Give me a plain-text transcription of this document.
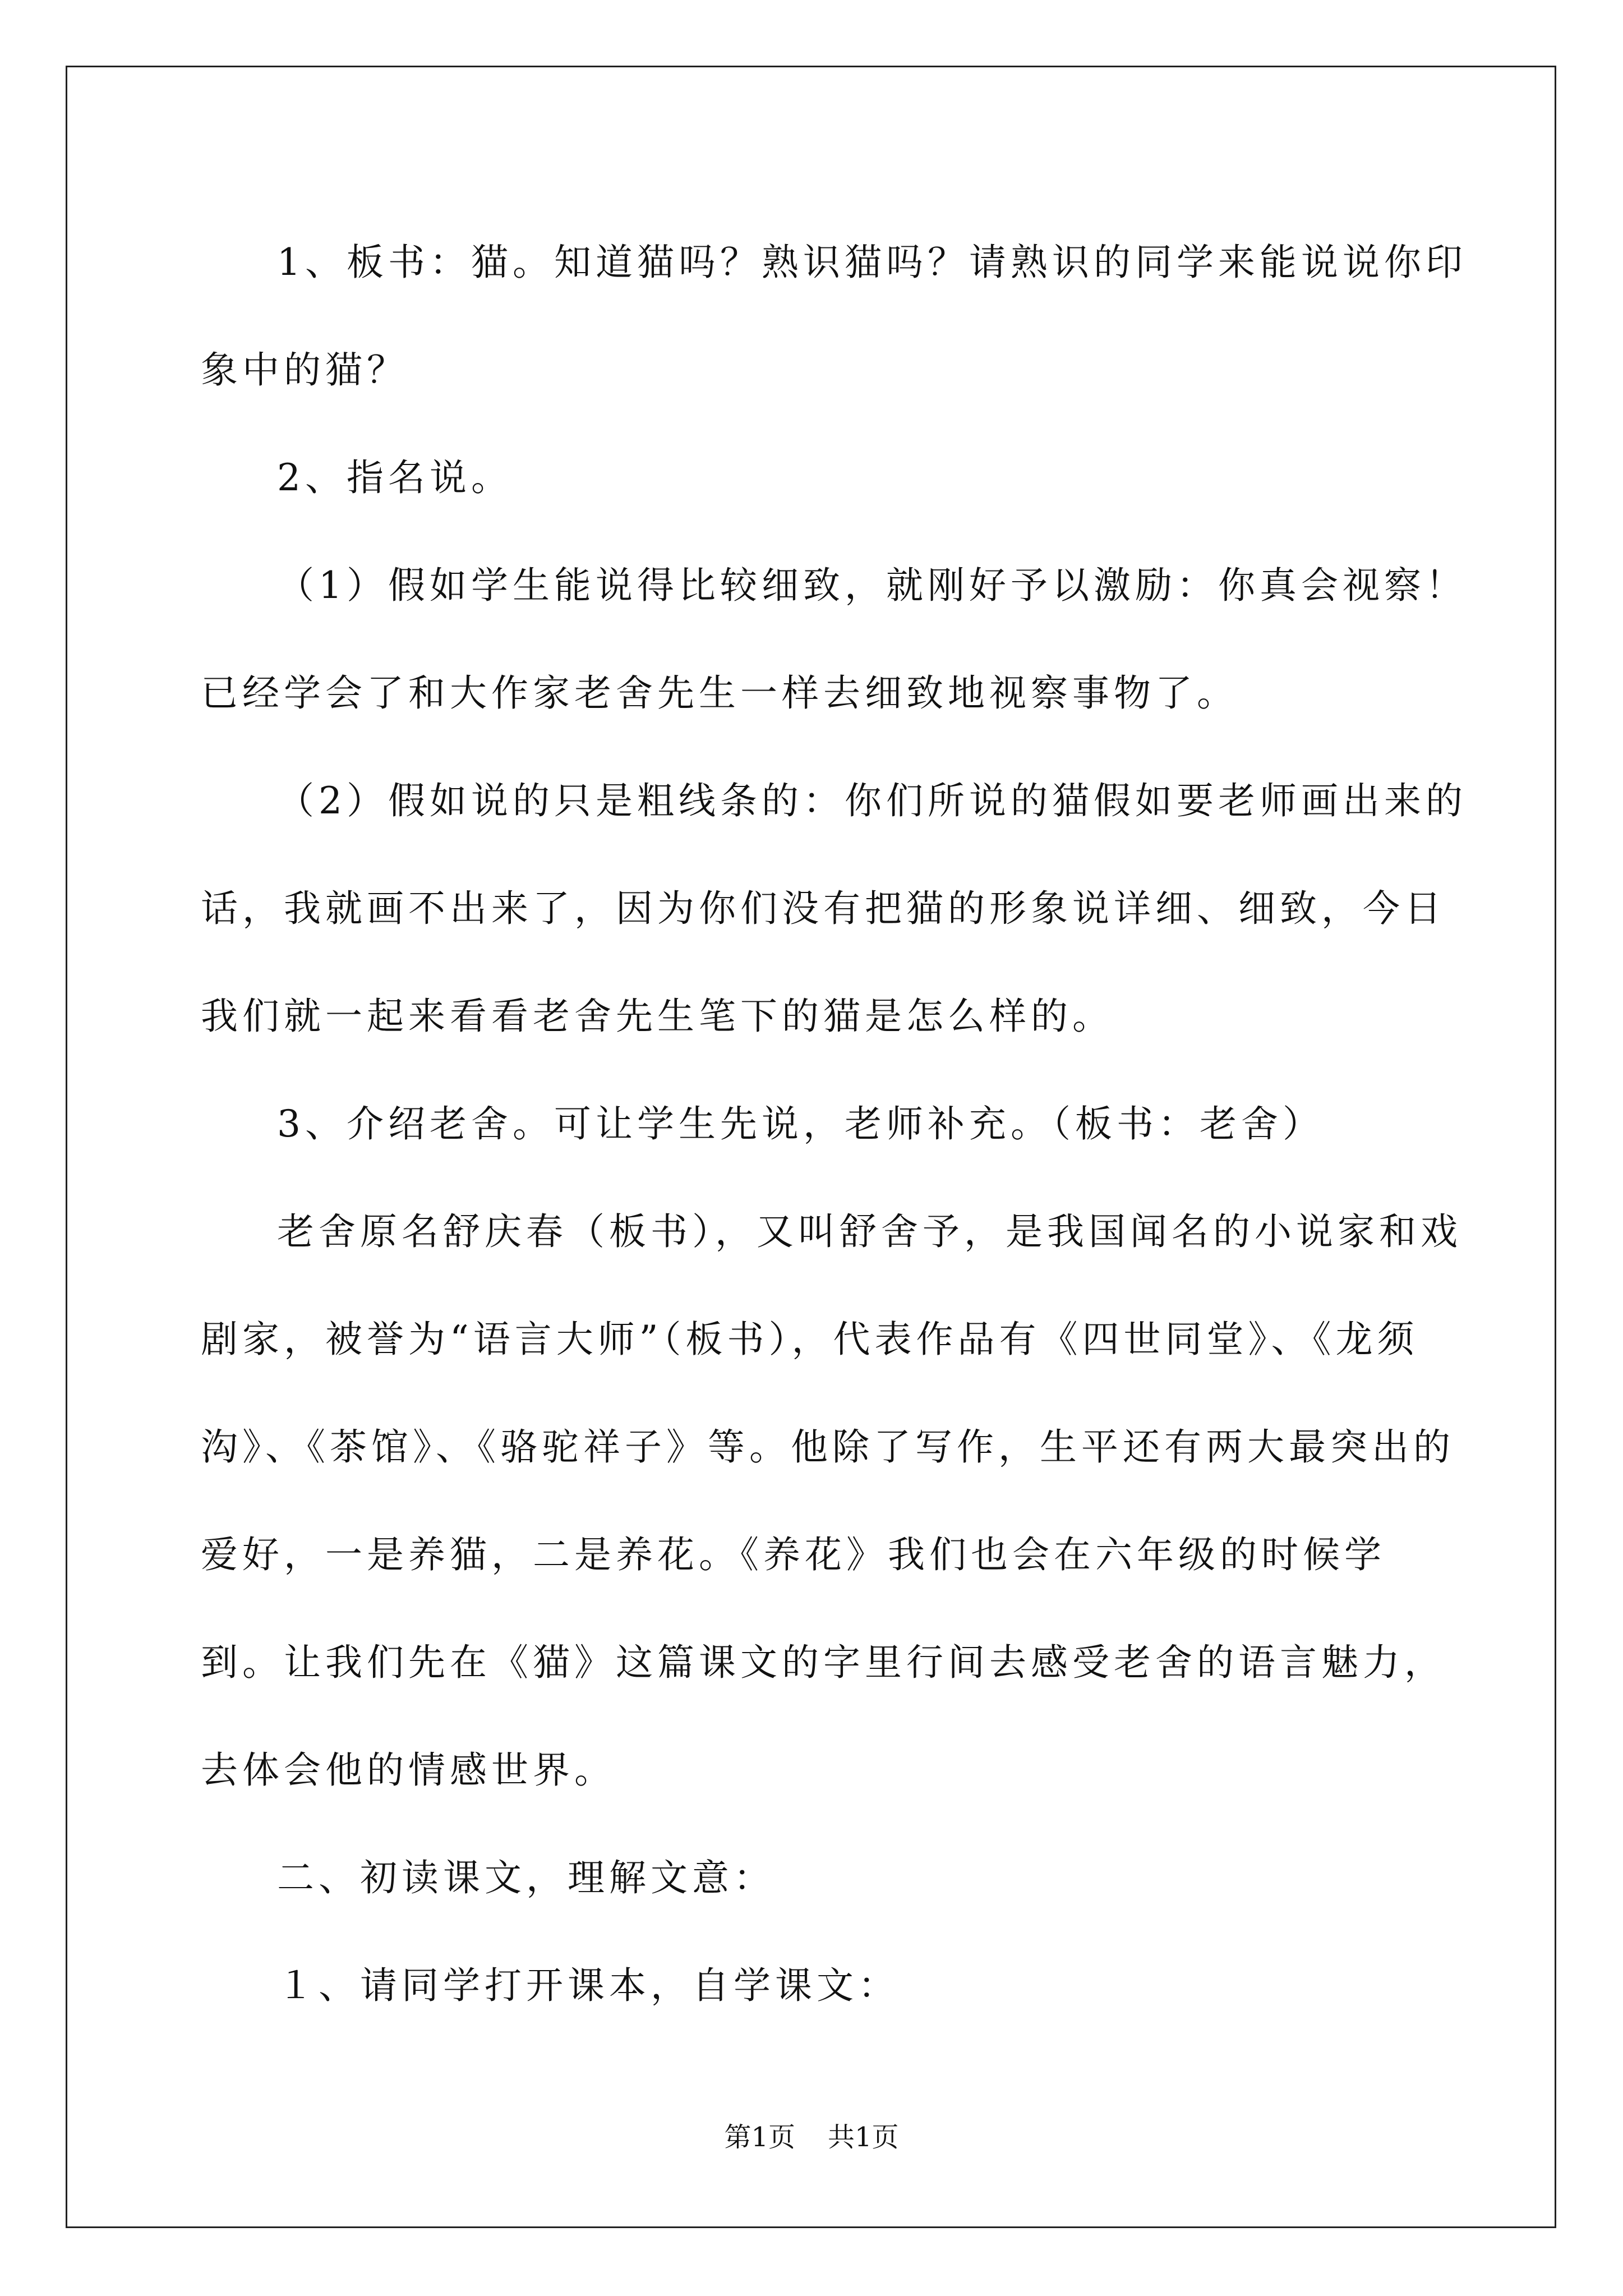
1、板书：猫。知道猫吗？熟识猫吗？请熟识的同学来能说说你印象中的猫？

2、指名说。

（1）假如学生能说得比较细致，就刚好予以激励：你真会视察！已经学会了和大作家老舍先生一样去细致地视察事物了。

（2）假如说的只是粗线条的：你们所说的猫假如要老师画出来的话，我就画不出来了，因为你们没有把猫的形象说详细、细致，今日我们就一起来看看老舍先生笔下的猫是怎么样的。

3、介绍老舍。可让学生先说，老师补充。（板书：老舍）

老舍原名舒庆春（板书），又叫舒舍予，是我国闻名的小说家和戏剧家，被誉为“语言大师”（板书），代表作品有《四世同堂》、《龙须沟》、《茶馆》、《骆驼祥子》等。他除了写作，生平还有两大最突出的爱好，一是养猫，二是养花。《养花》我们也会在六年级的时候学到。让我们先在《猫》这篇课文的字里行间去感受老舍的语言魅力，去体会他的情感世界。

二、初读课文，理解文意：

１、请同学打开课本，自学课文：

第1页 共1页
